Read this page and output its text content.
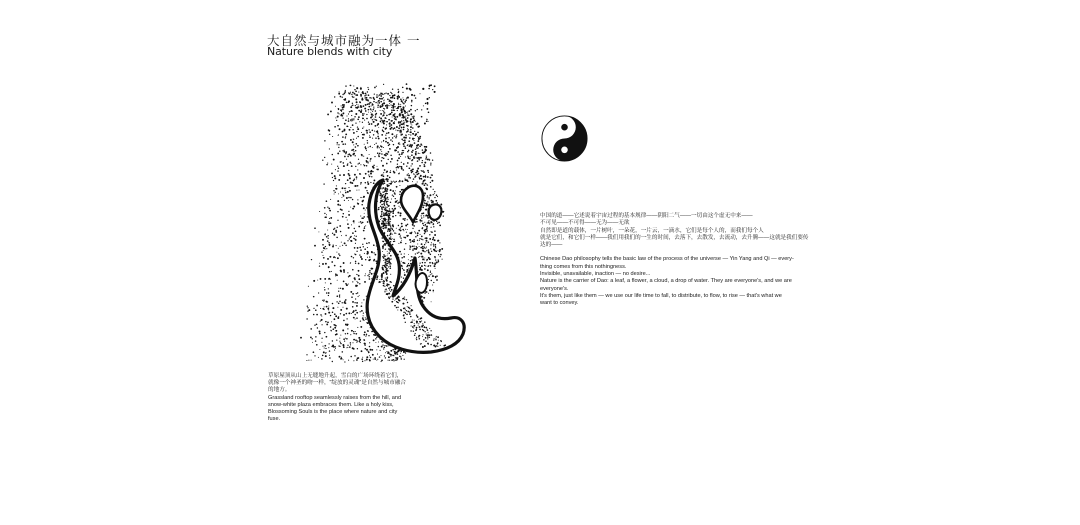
大自然与城市融为一体 一
Nature blends with city

草原屋顶从山上无缝地升起，雪白的广场环绕着它们，就像一个神圣的吻一样，“绽放的灵魂”是自然与城市融合的地方。

Grassland rooftop seamlessly raises from the hill, and snow-white plaza embraces them. Like a holy kiss, Blossoming Souls is the place where nature and city fuse.

中国的道——它述说着宇宙过程的基本规律——阴阳二气——一切由这个虚无中来——

不可见——不可得——无为——无欲

自然即是道的载体，一片树叶，一朵花，一片云，一滴水，它们是每个人的，而我们每个人

就是它们，和它们一样——我们用我们的一生的时间，去落下，去散发，去流动，去升腾——这就是我们要传

达的——

Chinese Dao philosophy tells the basic law of the process of the universe — Yin Yang and Qi — every-

thing comes from this nothingness.

Invisible, unavailable, inaction — no desire...

Nature is the carrier of Dao: a leaf, a flower, a cloud, a drop of water. They are everyone's, and we are

everyone's.

It's them, just like them — we use our life time to fall, to distribute, to flow, to rise — that's what we

want to convey.
